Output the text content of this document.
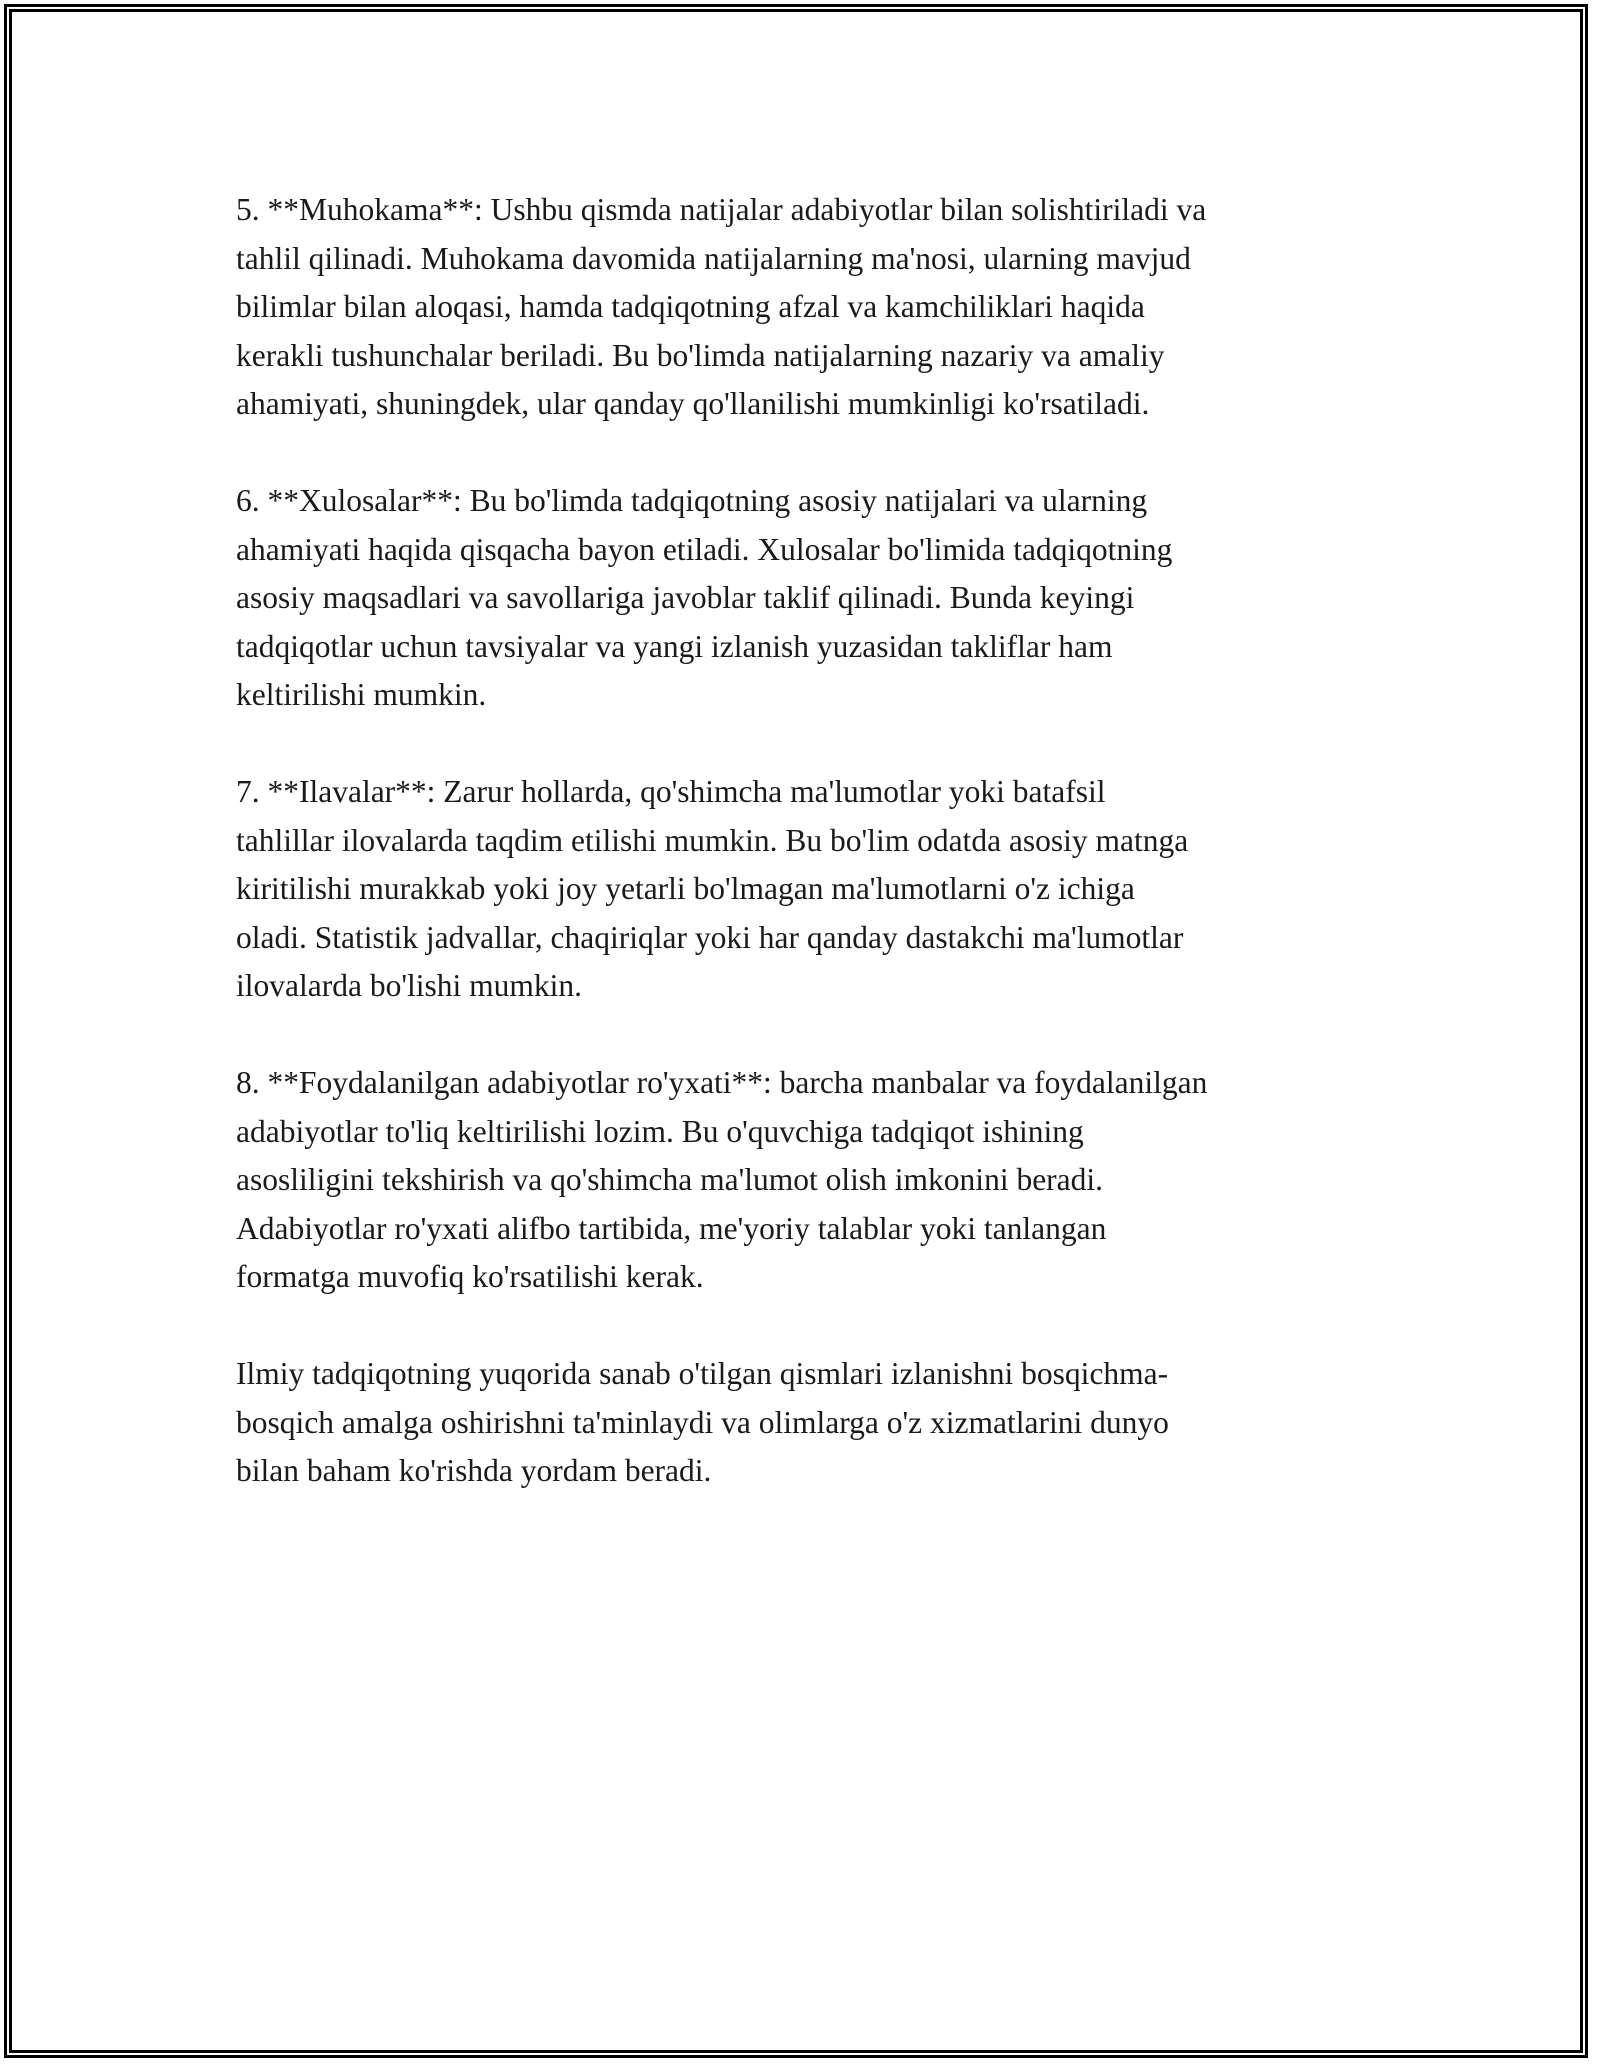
5. **Muhokama**: Ushbu qismda natijalar adabiyotlar bilan solishtiriladi va
tahlil qilinadi. Muhokama davomida natijalarning ma'nosi, ularning mavjud
bilimlar bilan aloqasi, hamda tadqiqotning afzal va kamchiliklari haqida
kerakli tushunchalar beriladi. Bu bo'limda natijalarning nazariy va amaliy
ahamiyati, shuningdek, ular qanday qo'llanilishi mumkinligi ko'rsatiladi.

6. **Xulosalar**: Bu bo'limda tadqiqotning asosiy natijalari va ularning
ahamiyati haqida qisqacha bayon etiladi. Xulosalar bo'limida tadqiqotning
asosiy maqsadlari va savollariga javoblar taklif qilinadi. Bunda keyingi
tadqiqotlar uchun tavsiyalar va yangi izlanish yuzasidan takliflar ham
keltirilishi mumkin.

7. **Ilavalar**: Zarur hollarda, qo'shimcha ma'lumotlar yoki batafsil
tahlillar ilovalarda taqdim etilishi mumkin. Bu bo'lim odatda asosiy matnga
kiritilishi murakkab yoki joy yetarli bo'lmagan ma'lumotlarni o'z ichiga
oladi. Statistik jadvallar, chaqiriqlar yoki har qanday dastakchi ma'lumotlar
ilovalarda bo'lishi mumkin.

8. **Foydalanilgan adabiyotlar ro'yxati**: barcha manbalar va foydalanilgan
adabiyotlar to'liq keltirilishi lozim. Bu o'quvchiga tadqiqot ishining
asosliligini tekshirish va qo'shimcha ma'lumot olish imkonini beradi.
Adabiyotlar ro'yxati alifbo tartibida, me'yoriy talablar yoki tanlangan
formatga muvofiq ko'rsatilishi kerak.

Ilmiy tadqiqotning yuqorida sanab o'tilgan qismlari izlanishni bosqichma-
bosqich amalga oshirishni ta'minlaydi va olimlarga o'z xizmatlarini dunyo
bilan baham ko'rishda yordam beradi.
